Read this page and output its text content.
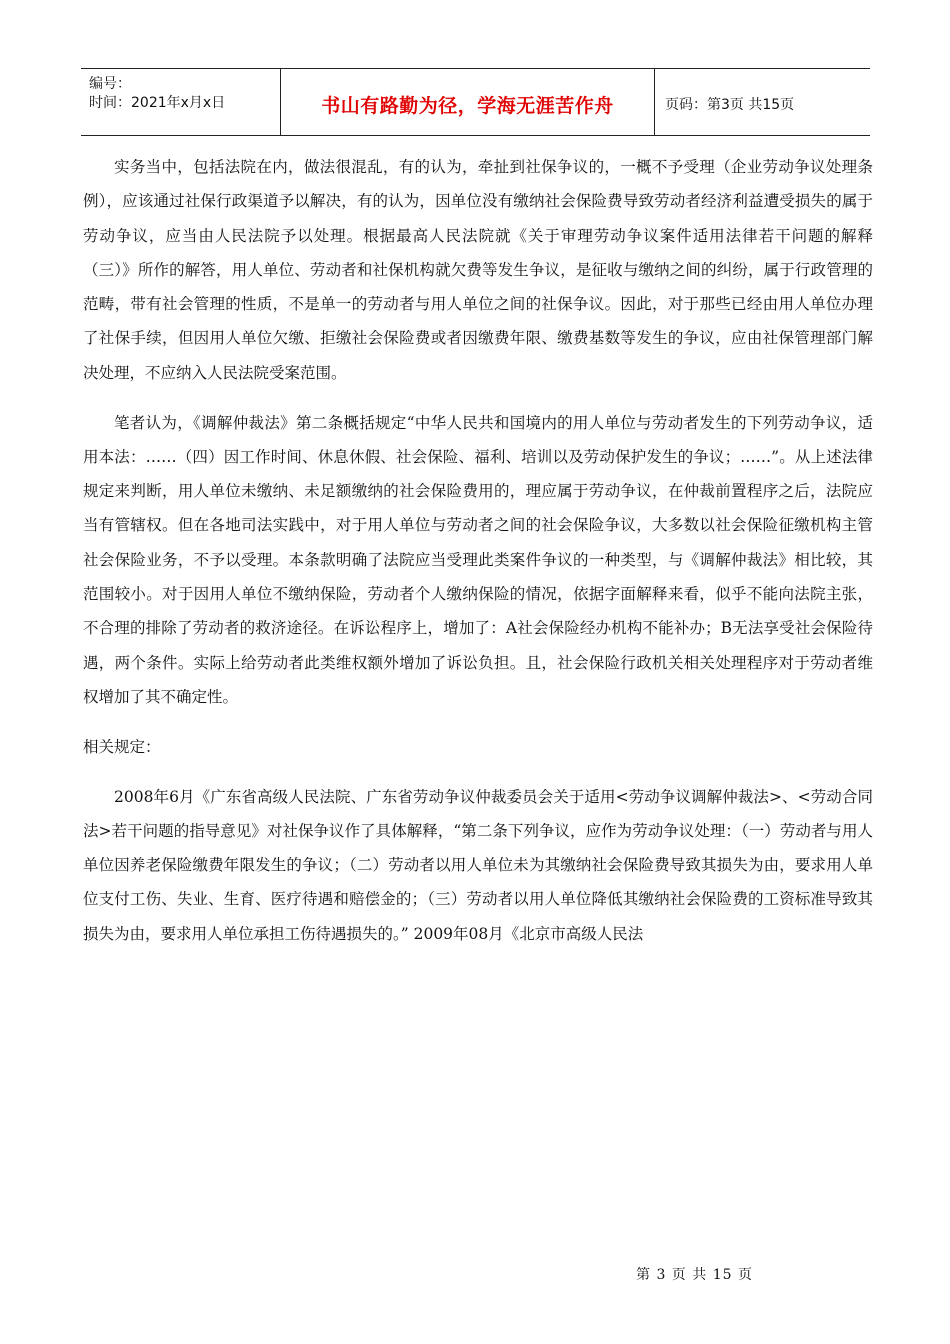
编号：
时间：2021年x月x日	书山有路勤为径，学海无涯苦作舟	页码：第3页 共15页

实务当中，包括法院在内，做法很混乱，有的认为，牵扯到社保争议的，一概不予受理（企业劳动争议处理条例），应该通过社保行政渠道予以解决，有的认为，因单位没有缴纳社会保险费导致劳动者经济利益遭受损失的属于劳动争议，应当由人民法院予以处理。根据最高人民法院就《关于审理劳动争议案件适用法律若干问题的解释（三）》所作的解答，用人单位、劳动者和社保机构就欠费等发生争议，是征收与缴纳之间的纠纷，属于行政管理的范畴，带有社会管理的性质，不是单一的劳动者与用人单位之间的社保争议。因此，对于那些已经由用人单位办理了社保手续，但因用人单位欠缴、拒缴社会保险费或者因缴费年限、缴费基数等发生的争议，应由社保管理部门解决处理，不应纳入人民法院受案范围。

笔者认为，《调解仲裁法》第二条概括规定“中华人民共和国境内的用人单位与劳动者发生的下列劳动争议，适用本法：……（四）因工作时间、休息休假、社会保险、福利、培训以及劳动保护发生的争议；……”。从上述法律规定来判断，用人单位未缴纳、未足额缴纳的社会保险费用的，理应属于劳动争议，在仲裁前置程序之后，法院应当有管辖权。但在各地司法实践中，对于用人单位与劳动者之间的社会保险争议，大多数以社会保险征缴机构主管社会保险业务，不予以受理。本条款明确了法院应当受理此类案件争议的一种类型，与《调解仲裁法》相比较，其范围较小。对于因用人单位不缴纳保险，劳动者个人缴纳保险的情况，依据字面解释来看，似乎不能向法院主张，不合理的排除了劳动者的救济途径。在诉讼程序上，增加了：A社会保险经办机构不能补办；B无法享受社会保险待遇，两个条件。实际上给劳动者此类维权额外增加了诉讼负担。且，社会保险行政机关相关处理程序对于劳动者维权增加了其不确定性。

相关规定：

2008年6月《广东省高级人民法院、广东省劳动争议仲裁委员会关于适用<劳动争议调解仲裁法>、<劳动合同法>若干问题的指导意见》对社保争议作了具体解释，“第二条下列争议，应作为劳动争议处理：（一）劳动者与用人单位因养老保险缴费年限发生的争议；（二）劳动者以用人单位未为其缴纳社会保险费导致其损失为由，要求用人单位支付工伤、失业、生育、医疗待遇和赔偿金的；（三）劳动者以用人单位降低其缴纳社会保险费的工资标准导致其损失为由，要求用人单位承担工伤待遇损失的。” 2009年08月《北京市高级人民法

第 3 页 共 15 页
